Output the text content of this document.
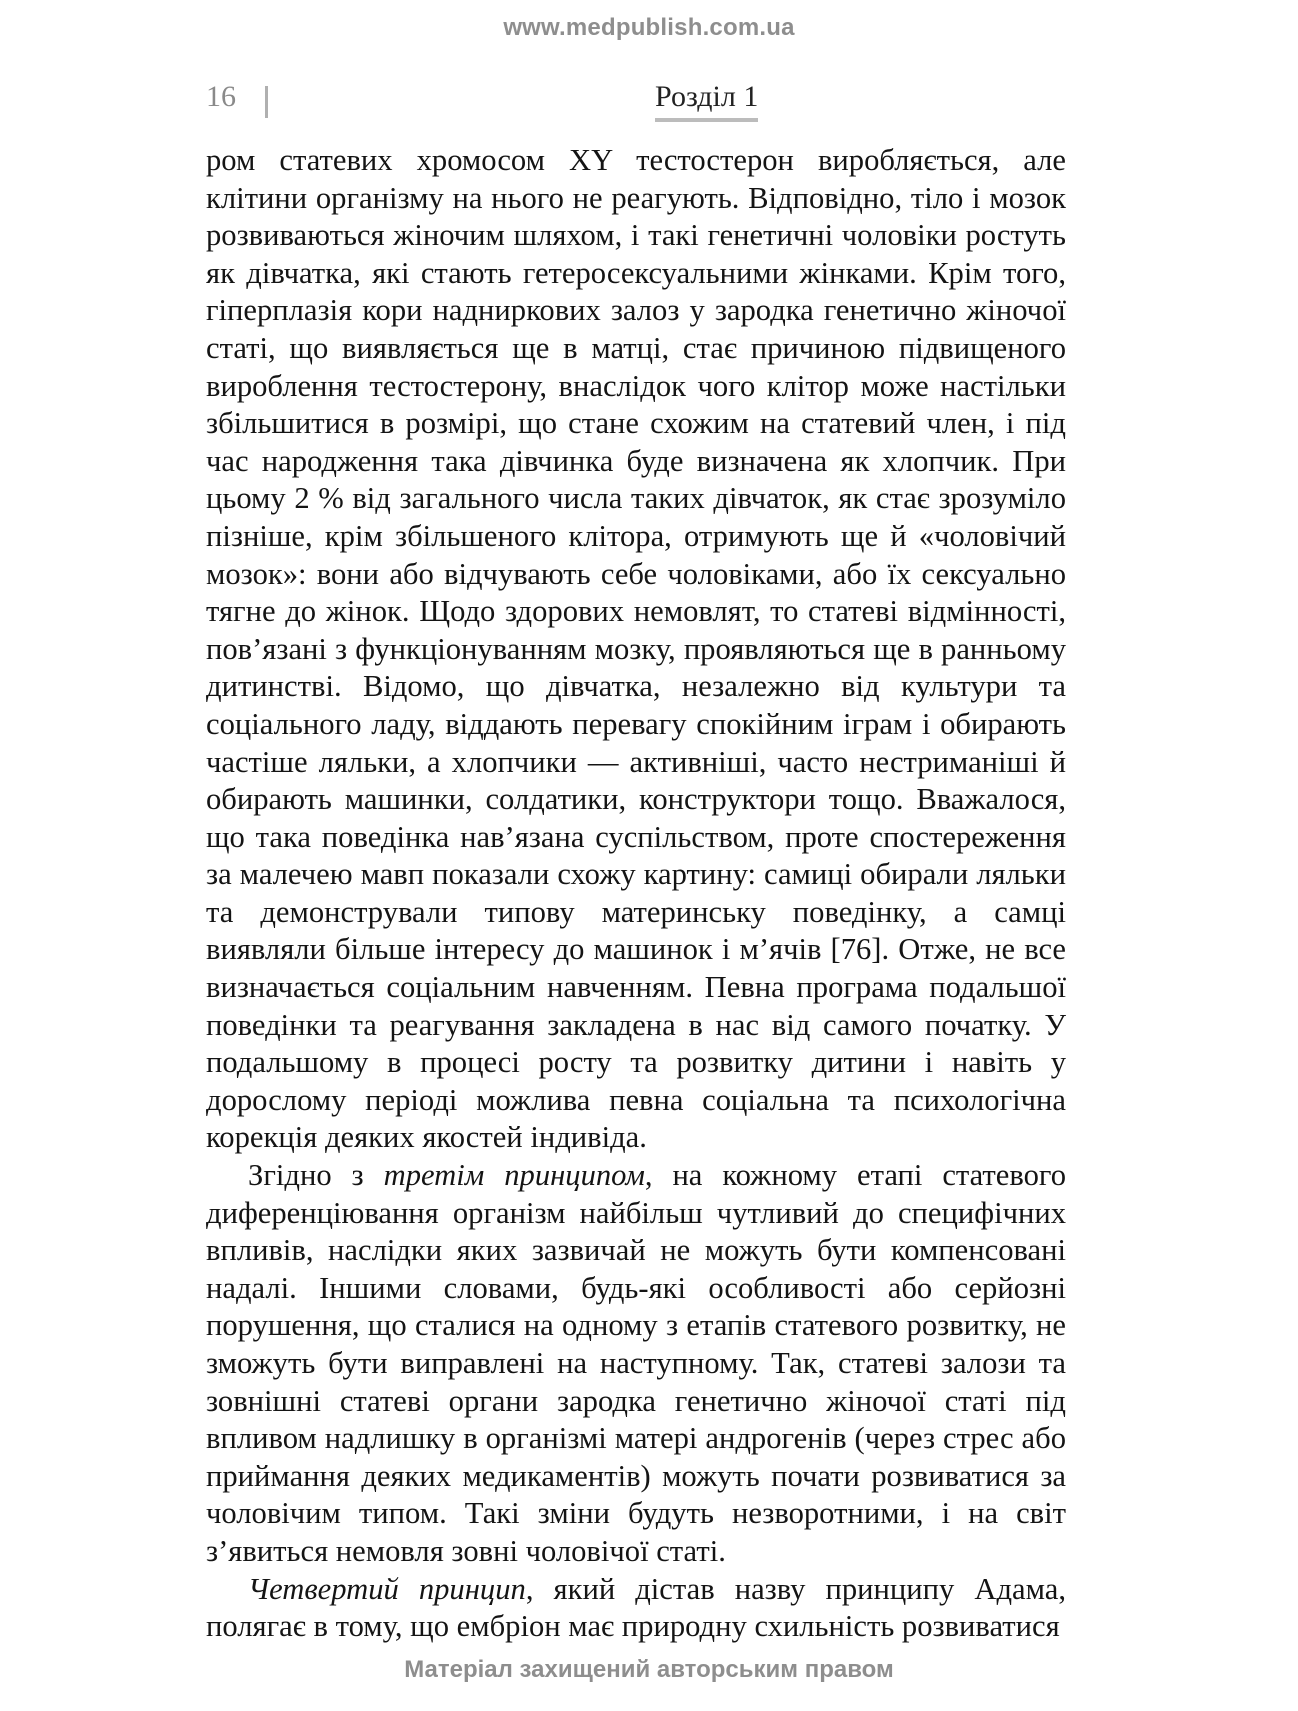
www.medpublish.com.ua
16	Розділ 1

ром статевих хромосом XY тестостерон виробляється, але клітини організму на нього не реагують. Відповідно, тіло і мозок розвиваються жіночим шляхом, і такі генетичні чоловіки ростуть як дівчатка, які стають гетеросексуальними жінками. Крім того, гіперплазія кори надниркових залоз у зародка генетично жіночої статі, що виявляється ще в матці, стає причиною підвищеного вироблення тестостерону, внаслідок чого клітор може настільки збільшитися в розмірі, що стане схожим на статевий член, і під час народження така дівчинка буде визначена як хлопчик. При цьому 2 % від загального числа таких дівчаток, як стає зрозуміло пізніше, крім збільшеного клітора, отримують ще й «чоловічий мозок»: вони або відчувають себе чоловіками, або їх сексуально тягне до жінок. Щодо здорових немовлят, то статеві відмінності, пов’язані з функціонуванням мозку, проявляються ще в ранньому дитинстві. Відомо, що дівчатка, незалежно від культури та соціального ладу, віддають перевагу спокійним іграм і обирають частіше ляльки, а хлопчики — активніші, часто нестриманіші й обирають машинки, солдатики, конструктори тощо. Вважалося, що така поведінка нав’язана суспільством, проте спостереження за малечею мавп показали схожу картину: самиці обирали ляльки та демонстрували типову материнську поведінку, а самці виявляли більше інтересу до машинок і м’ячів [76]. Отже, не все визначається соціальним навченням. Певна програма подальшої поведінки та реагування закладена в нас від самого початку. У подальшому в процесі росту та розвитку дитини і навіть у дорослому періоді можлива певна соціальна та психологічна корекція деяких якостей індивіда.

Згідно з третім принципом, на кожному етапі статевого диференціювання організм найбільш чутливий до специфічних впливів, наслідки яких зазвичай не можуть бути компенсовані надалі. Іншими словами, будь-які особливості або серйозні порушення, що сталися на одному з етапів статевого розвитку, не зможуть бути виправлені на наступному. Так, статеві залози та зовнішні статеві органи зародка генетично жіночої статі під впливом надлишку в організмі матері андрогенів (через стрес або приймання деяких медикаментів) можуть почати розвиватися за чоловічим типом. Такі зміни будуть незворотними, і на світ з’явиться немовля зовні чоловічої статі.

Четвертий принцип, який дістав назву принципу Адама, полягає в тому, що ембріон має природну схильність розвиватися

Матеріал захищений авторським правом
